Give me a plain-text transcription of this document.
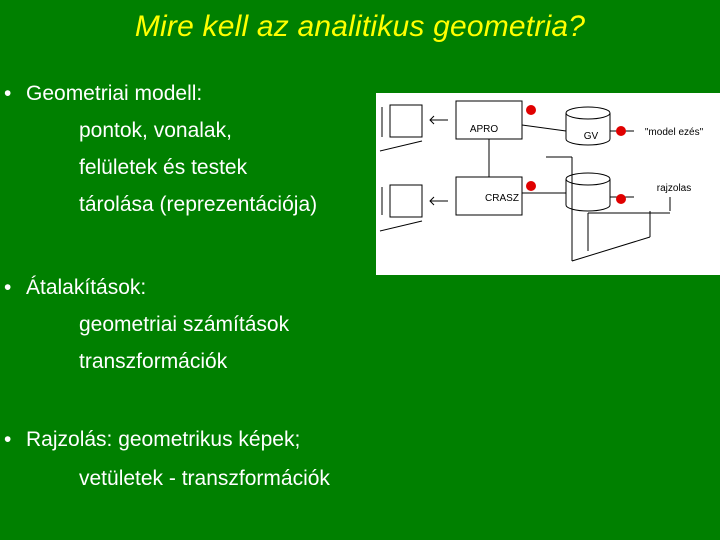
Mire kell az analitikus geometria?
• Geometriai modell:
pontok, vonalak,
felületek és testek
tárolása (reprezentációja)
• Átalakítások:
geometriai számítások
transzformációk
• Rajzolás: geometrikus képek;
vetületek - transzformációk
APRO
CRASZ
GV	"model ezés"
rajzolas
